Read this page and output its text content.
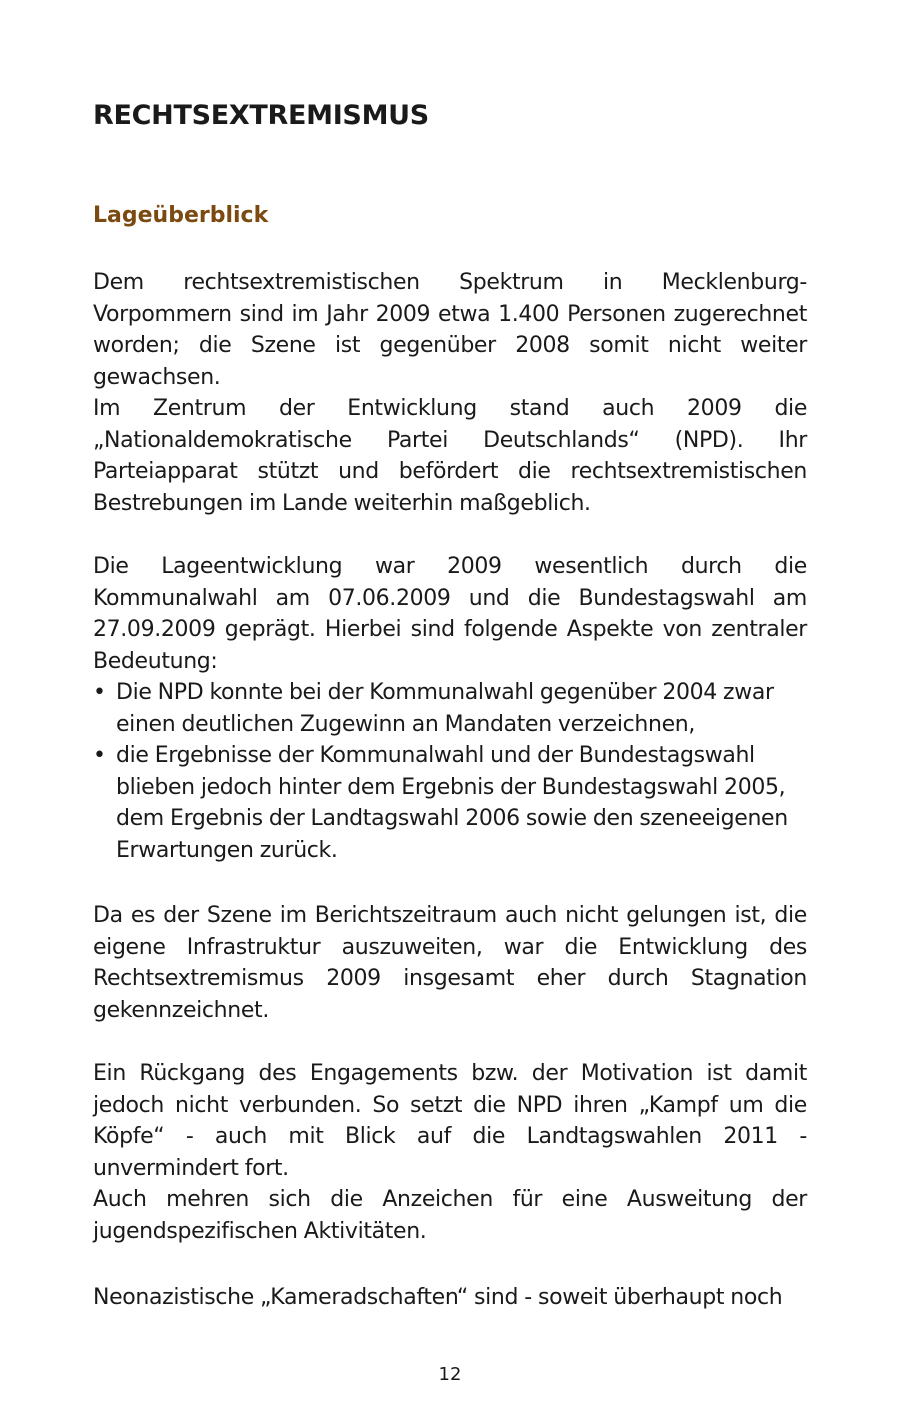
RECHTSEXTREMISMUS
Lageüberblick

Dem rechtsextremistischen Spektrum in Mecklenburg-Vorpommern sind im Jahr 2009 etwa 1.400 Personen zugerechnet worden; die Szene ist gegenüber 2008 somit nicht weiter gewachsen.

Im Zentrum der Entwicklung stand auch 2009 die „Nationaldemokratische Partei Deutschlands“ (NPD). Ihr Parteiapparat stützt und befördert die rechtsextremistischen Bestrebungen im Lande weiterhin maßgeblich.

Die Lageentwicklung war 2009 wesentlich durch die Kommunalwahl am 07.06.2009 und die Bundestagswahl am 27.09.2009 geprägt. Hierbei sind folgende Aspekte von zentraler Bedeutung:

• Die NPD konnte bei der Kommunalwahl gegenüber 2004 zwar einen deutlichen Zugewinn an Mandaten verzeichnen,
• die Ergebnisse der Kommunalwahl und der Bundestagswahl blieben jedoch hinter dem Ergebnis der Bundestagswahl 2005, dem Ergebnis der Landtagswahl 2006 sowie den szeneeigenen Erwartungen zurück.

Da es der Szene im Berichtszeitraum auch nicht gelungen ist, die eigene Infrastruktur auszuweiten, war die Entwicklung des Rechtsextremismus 2009 insgesamt eher durch Stagnation gekennzeichnet.

Ein Rückgang des Engagements bzw. der Motivation ist damit jedoch nicht verbunden. So setzt die NPD ihren „Kampf um die Köpfe“ - auch mit Blick auf die Landtagswahlen 2011 - unvermindert fort.

Auch mehren sich die Anzeichen für eine Ausweitung der jugendspezifischen Aktivitäten.

Neonazistische „Kameradschaften“ sind - soweit überhaupt noch

12
